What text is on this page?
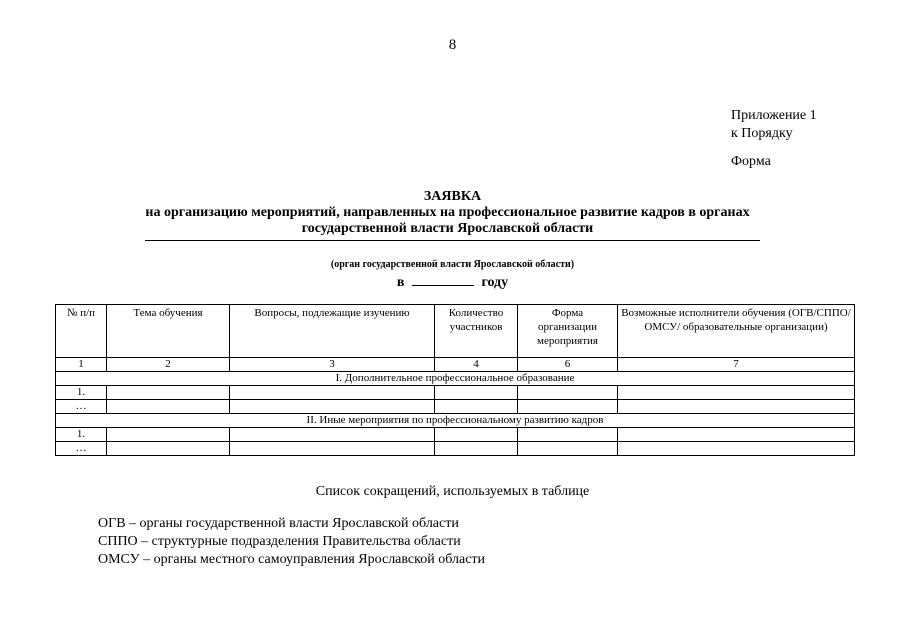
8
Приложение 1
к Порядку
Форма
ЗАЯВКА
на организацию мероприятий, направленных на профессиональное развитие кадров в органах государственной власти Ярославской области
(орган государственной власти Ярославской области)
в	году
№ п/п	Тема обучения	Вопросы, подлежащие изучению	Количество участников	Форма организации мероприятия	Возможные исполнители обучения (ОГВ/СППО/ОМСУ/ образовательные организации)
1	2	3	4	6	7
I. Дополнительное профессиональное образование					
1.					
…					
II. Иные мероприятия по профессиональному развитию кадров					
1.					
…					
Список сокращений, используемых в таблице
ОГВ – органы государственной власти Ярославской области
СППО – структурные подразделения Правительства области
ОМСУ – органы местного самоуправления Ярославской области
